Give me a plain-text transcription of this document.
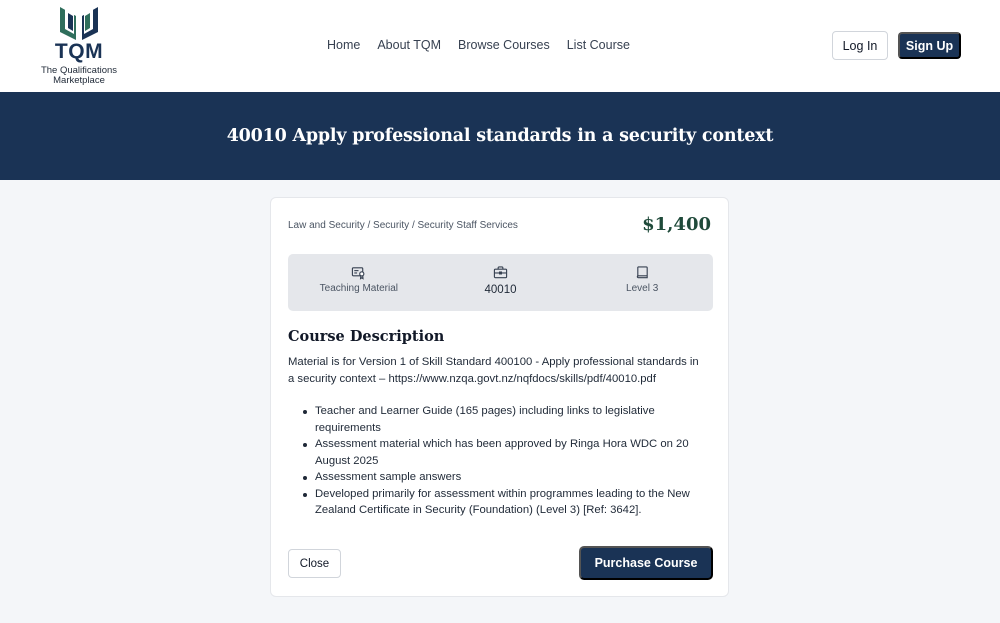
TQM
The Qualifications
Marketplace
Home About TQM Browse Courses List Course	Log In	Sign Up
40010 Apply professional standards in a security context
Law and Security / Security / Security Staff Services	$1,400
Teaching Material	40010	Level 3
Course Description

Material is for Version 1 of Skill Standard 400100 - Apply professional standards in
a security context – https://www.nzqa.govt.nz/nqfdocs/skills/pdf/40010.pdf

Teacher and Learner Guide (165 pages) including links to legislative
requirements
Assessment material which has been approved by Ringa Hora WDC on 20
August 2025
Assessment sample answers
Developed primarily for assessment within programmes leading to the New
Zealand Certificate in Security (Foundation) (Level 3) [Ref: 3642].
Close	Purchase Course
